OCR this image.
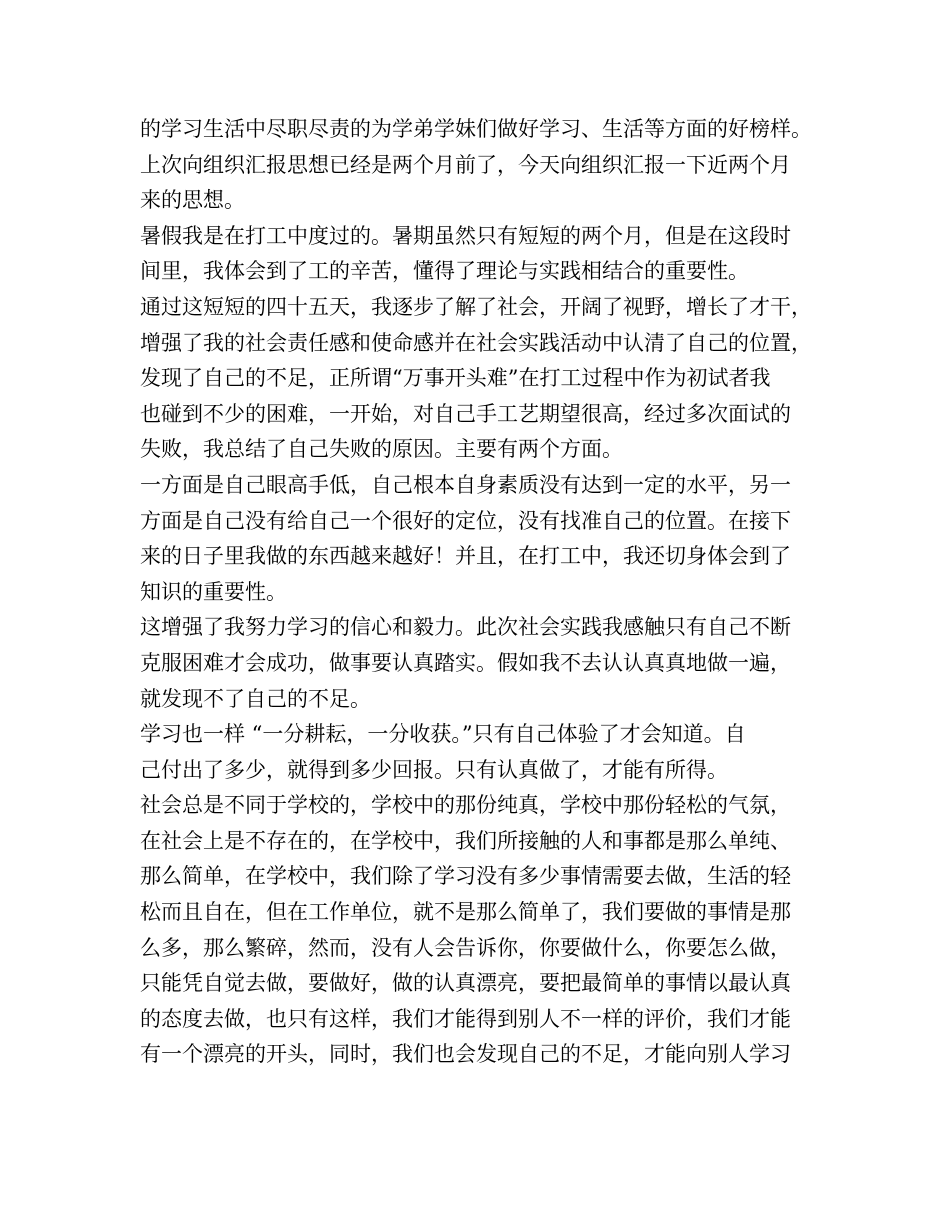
的学习生活中尽职尽责的为学弟学妹们做好学习、生活等方面的好榜样。

上次向组织汇报思想已经是两个月前了，今天向组织汇报一下近两个月
来的思想。

暑假我是在打工中度过的。暑期虽然只有短短的两个月，但是在这段时
间里，我体会到了工的辛苦，懂得了理论与实践相结合的重要性。

通过这短短的四十五天，我逐步了解了社会，开阔了视野，增长了才干，
增强了我的社会责任感和使命感并在社会实践活动中认清了自己的位置，
发现了自己的不足，正所谓“万事开头难”在打工过程中作为初试者我
也碰到不少的困难，一开始，对自己手工艺期望很高，经过多次面试的
失败，我总结了自己失败的原因。主要有两个方面。

一方面是自己眼高手低，自己根本自身素质没有达到一定的水平，另一
方面是自己没有给自己一个很好的定位，没有找准自己的位置。在接下
来的日子里我做的东西越来越好！并且，在打工中，我还切身体会到了
知识的重要性。

这增强了我努力学习的信心和毅力。此次社会实践我感触只有自己不断
克服困难才会成功，做事要认真踏实。假如我不去认认真真地做一遍，
就发现不了自己的不足。

学习也一样 “一分耕耘，一分收获。”只有自己体验了才会知道。自
己付出了多少，就得到多少回报。只有认真做了，才能有所得。

社会总是不同于学校的，学校中的那份纯真，学校中那份轻松的气氛，
在社会上是不存在的，在学校中，我们所接触的人和事都是那么单纯、
那么简单，在学校中，我们除了学习没有多少事情需要去做，生活的轻
松而且自在，但在工作单位，就不是那么简单了，我们要做的事情是那
么多，那么繁碎，然而，没有人会告诉你，你要做什么，你要怎么做，
只能凭自觉去做，要做好，做的认真漂亮，要把最简单的事情以最认真
的态度去做，也只有这样，我们才能得到别人不一样的评价，我们才能
有一个漂亮的开头，同时，我们也会发现自己的不足，才能向别人学习
